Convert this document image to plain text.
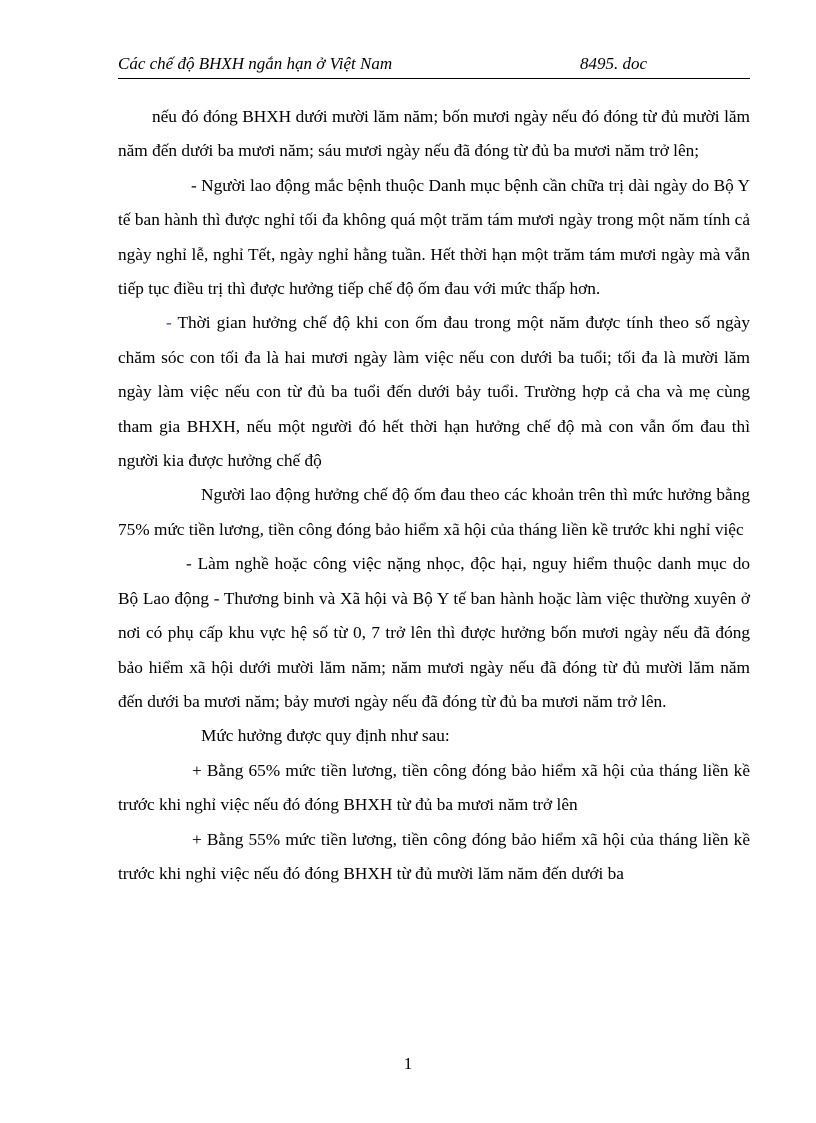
Các chế độ BHXH ngắn hạn ở Việt Nam	8495. doc

nếu đó đóng BHXH dưới mười lăm năm; bốn mươi ngày nếu đó đóng từ đủ mười lăm năm đến dưới ba mươi năm; sáu mươi ngày nếu đã đóng từ đủ ba mươi năm trở lên;

- Người lao động mắc bệnh thuộc Danh mục bệnh cần chữa trị dài ngày do Bộ Y tế ban hành thì được nghỉ tối đa không quá một trăm tám mươi ngày trong một năm tính cả ngày nghỉ lễ, nghỉ Tết, ngày nghỉ hằng tuần. Hết thời hạn một trăm tám mươi ngày mà vẫn tiếp tục điều trị thì được hưởng tiếp chế độ ốm đau với mức thấp hơn.

- Thời gian hưởng chế độ khi con ốm đau trong một năm được tính theo số ngày chăm sóc con tối đa là hai mươi ngày làm việc nếu con dưới ba tuổi; tối đa là mười lăm ngày làm việc nếu con từ đủ ba tuổi đến dưới bảy tuổi. Trường hợp cả cha và mẹ cùng tham gia BHXH, nếu một người đó hết thời hạn hưởng chế độ mà con vẫn ốm đau thì người kia được hưởng chế độ

Người lao động hưởng chế độ ốm đau theo các khoản trên thì mức hưởng bằng 75% mức tiền lương, tiền công đóng bảo hiểm xã hội của tháng liền kề trước khi nghỉ việc

- Làm nghề hoặc công việc nặng nhọc, độc hại, nguy hiểm thuộc danh mục do Bộ Lao động - Thương binh và Xã hội và Bộ Y tế ban hành hoặc làm việc thường xuyên ở nơi có phụ cấp khu vực hệ số từ 0, 7 trở lên thì được hưởng bốn mươi ngày nếu đã đóng bảo hiểm xã hội dưới mười lăm năm; năm mươi ngày nếu đã đóng từ đủ mười lăm năm đến dưới ba mươi năm; bảy mươi ngày nếu đã đóng từ đủ ba mươi năm trở lên.

Mức hưởng được quy định như sau:

+ Bằng 65% mức tiền lương, tiền công đóng bảo hiểm xã hội của tháng liền kề trước khi nghỉ việc nếu đó đóng BHXH từ đủ ba mươi năm trở lên

+ Bằng 55% mức tiền lương, tiền công đóng bảo hiểm xã hội của tháng liền kề trước khi nghỉ việc nếu đó đóng BHXH từ đủ mười lăm năm đến dưới ba

1
